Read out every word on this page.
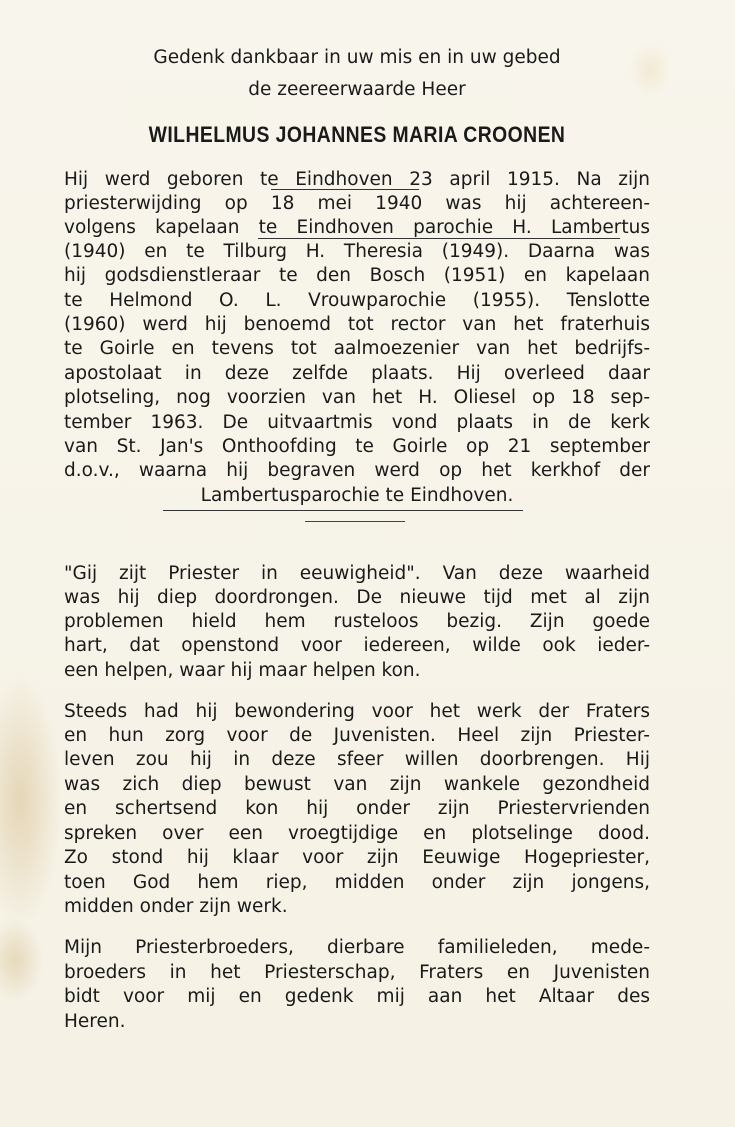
Gedenk dankbaar in uw mis en in uw gebed
de zeereerwaarde Heer
WILHELMUS JOHANNES MARIA CROONEN
Hij werd geboren te Eindhoven 23 april 1915. Na zijn
priesterwijding op 18 mei 1940 was hij achtereen-
volgens kapelaan te Eindhoven parochie H. Lambertus
(1940) en te Tilburg H. Theresia (1949). Daarna was
hij godsdienstleraar te den Bosch (1951) en kapelaan
te Helmond O. L. Vrouwparochie (1955). Tenslotte
(1960) werd hij benoemd tot rector van het fraterhuis
te Goirle en tevens tot aalmoezenier van het bedrijfs-
apostolaat in deze zelfde plaats. Hij overleed daar
plotseling, nog voorzien van het H. Oliesel op 18 sep-
tember 1963. De uitvaartmis vond plaats in de kerk
van St. Jan's Onthoofding te Goirle op 21 september
d.o.v., waarna hij begraven werd op het kerkhof der
Lambertusparochie te Eindhoven.
"Gij zijt Priester in eeuwigheid". Van deze waarheid
was hij diep doordrongen. De nieuwe tijd met al zijn
problemen hield hem rusteloos bezig. Zijn goede
hart, dat openstond voor iedereen, wilde ook ieder-
een helpen, waar hij maar helpen kon.
Steeds had hij bewondering voor het werk der Fraters
en hun zorg voor de Juvenisten. Heel zijn Priester-
leven zou hij in deze sfeer willen doorbrengen. Hij
was zich diep bewust van zijn wankele gezondheid
en schertsend kon hij onder zijn Priestervrienden
spreken over een vroegtijdige en plotselinge dood.
Zo stond hij klaar voor zijn Eeuwige Hogepriester,
toen God hem riep, midden onder zijn jongens,
midden onder zijn werk.
Mijn Priesterbroeders, dierbare familieleden, mede-
broeders in het Priesterschap, Fraters en Juvenisten
bidt voor mij en gedenk mij aan het Altaar des
Heren.
